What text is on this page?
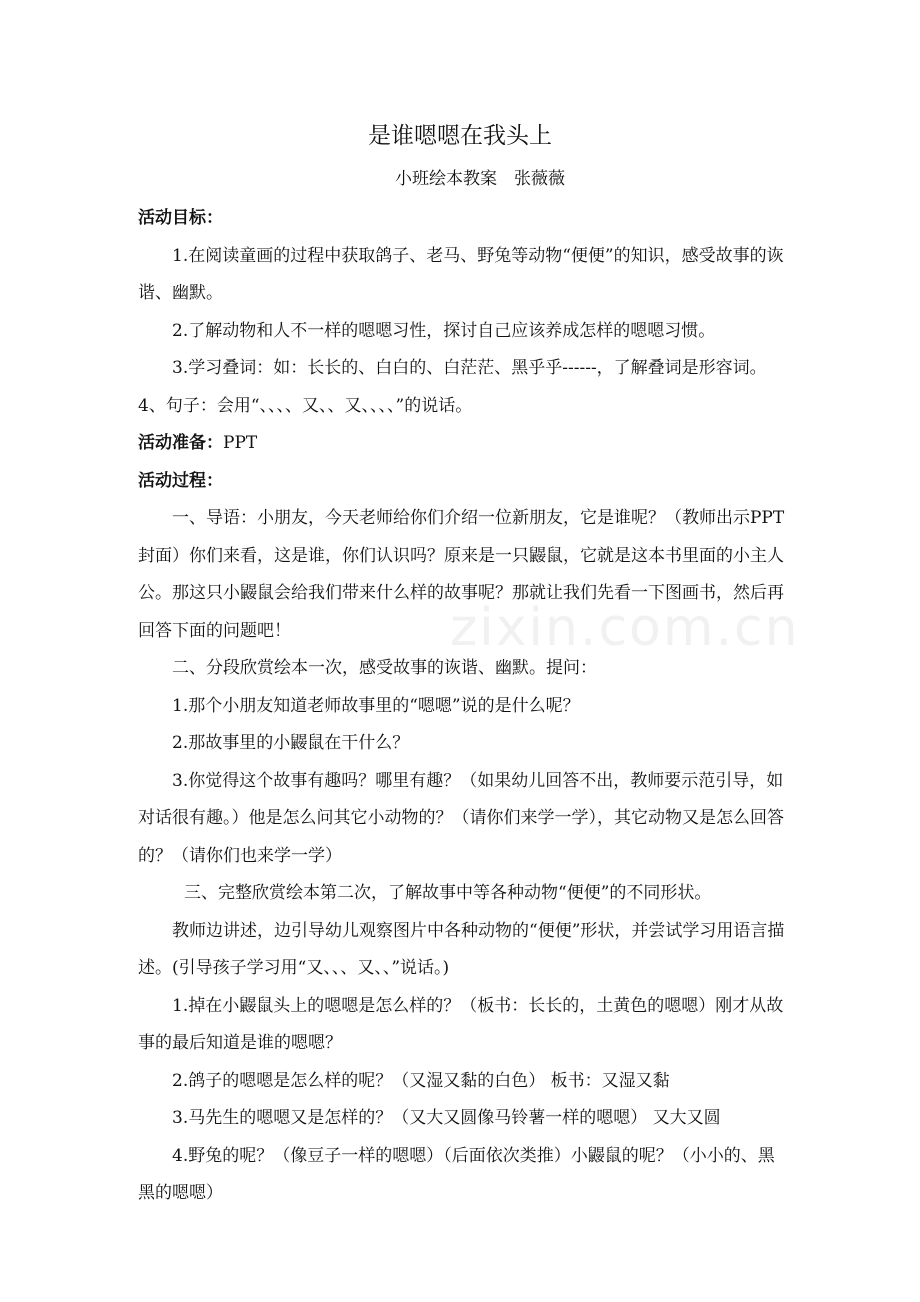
是谁嗯嗯在我头上
小班绘本教案　张薇薇

活动目标：

1.在阅读童画的过程中获取鸽子、老马、野兔等动物“便便”的知识，感受故事的诙谐、幽默。

2.了解动物和人不一样的嗯嗯习性，探讨自己应该养成怎样的嗯嗯习惯。

3.学习叠词：如：长长的、白白的、白茫茫、黑乎乎------，了解叠词是形容词。 4、句子：会用“、、、、又、、又、、、、”的说话。

活动准备：PPT

活动过程：

一、导语：小朋友，今天老师给你们介绍一位新朋友，它是谁呢？（教师出示PPT封面）你们来看，这是谁，你们认识吗？原来是一只鼹鼠，它就是这本书里面的小主人公。那这只小鼹鼠会给我们带来什么样的故事呢？那就让我们先看一下图画书，然后再回答下面的问题吧！

二、分段欣赏绘本一次，感受故事的诙谐、幽默。提问：

1.那个小朋友知道老师故事里的“嗯嗯”说的是什么呢？

2.那故事里的小鼹鼠在干什么？

3.你觉得这个故事有趣吗？哪里有趣？（如果幼儿回答不出，教师要示范引导，如对话很有趣。）他是怎么问其它小动物的？（请你们来学一学），其它动物又是怎么回答的？（请你们也来学一学）

三、完整欣赏绘本第二次，了解故事中等各种动物“便便”的不同形状。

教师边讲述，边引导幼儿观察图片中各种动物的“便便”形状，并尝试学习用语言描述。(引导孩子学习用“又、、、又、、”说话。)

1.掉在小鼹鼠头上的嗯嗯是怎么样的？（板书：长长的，土黄色的嗯嗯）刚才从故事的最后知道是谁的嗯嗯？

2.鸽子的嗯嗯是怎么样的呢？（又湿又黏的白色） 板书：又湿又黏

3.马先生的嗯嗯又是怎样的？（又大又圆像马铃薯一样的嗯嗯） 又大又圆

4.野兔的呢？（像豆子一样的嗯嗯）（后面依次类推）小鼹鼠的呢？（小小的、黑黑的嗯嗯）

zixin.com.cn
